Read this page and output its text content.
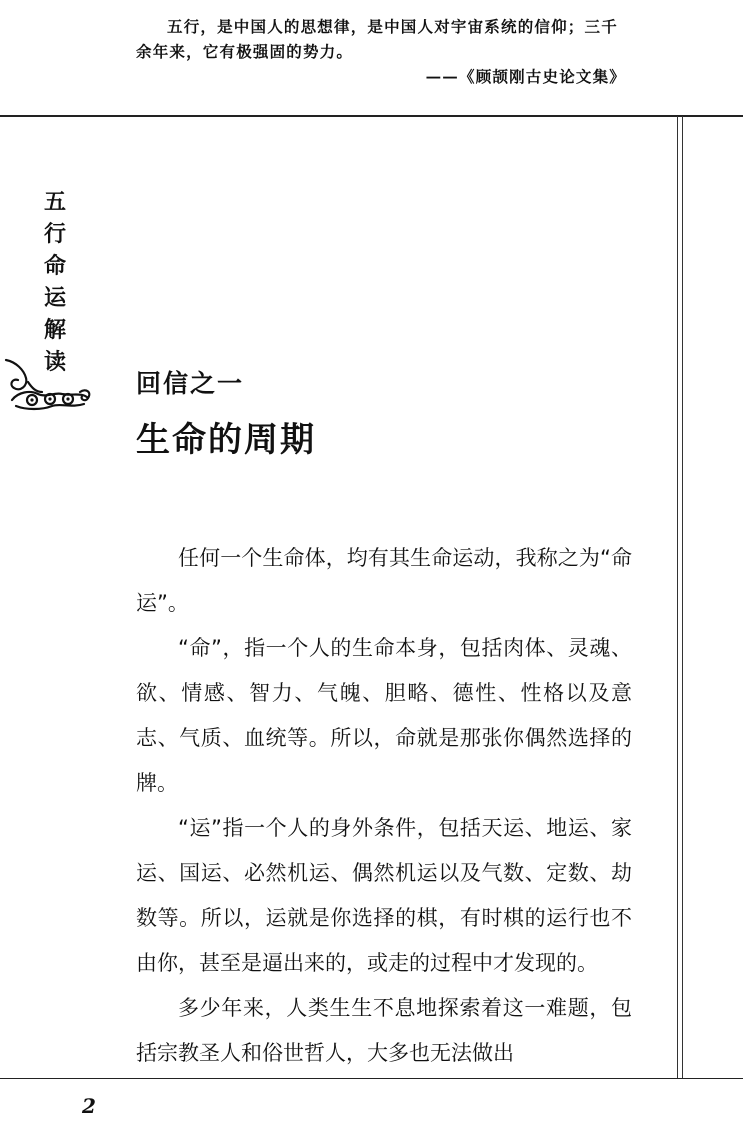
五行，是中国人的思想律，是中国人对宇宙系统的信仰；三千余年来，它有极强固的势力。
——《顾颉刚古史论文集》
五
行
命
运
解
读
回信之一
生命的周期

任何一个生命体，均有其生命运动，我称之为“命运”。

“命”，指一个人的生命本身，包括肉体、灵魂、欲、情感、智力、气魄、胆略、德性、性格以及意志、气质、血统等。所以，命就是那张你偶然选择的牌。

“运”指一个人的身外条件，包括天运、地运、家运、国运、必然机运、偶然机运以及气数、定数、劫数等。所以，运就是你选择的棋，有时棋的运行也不由你，甚至是逼出来的，或走的过程中才发现的。

多少年来，人类生生不息地探索着这一难题，包括宗教圣人和俗世哲人，大多也无法做出

2
